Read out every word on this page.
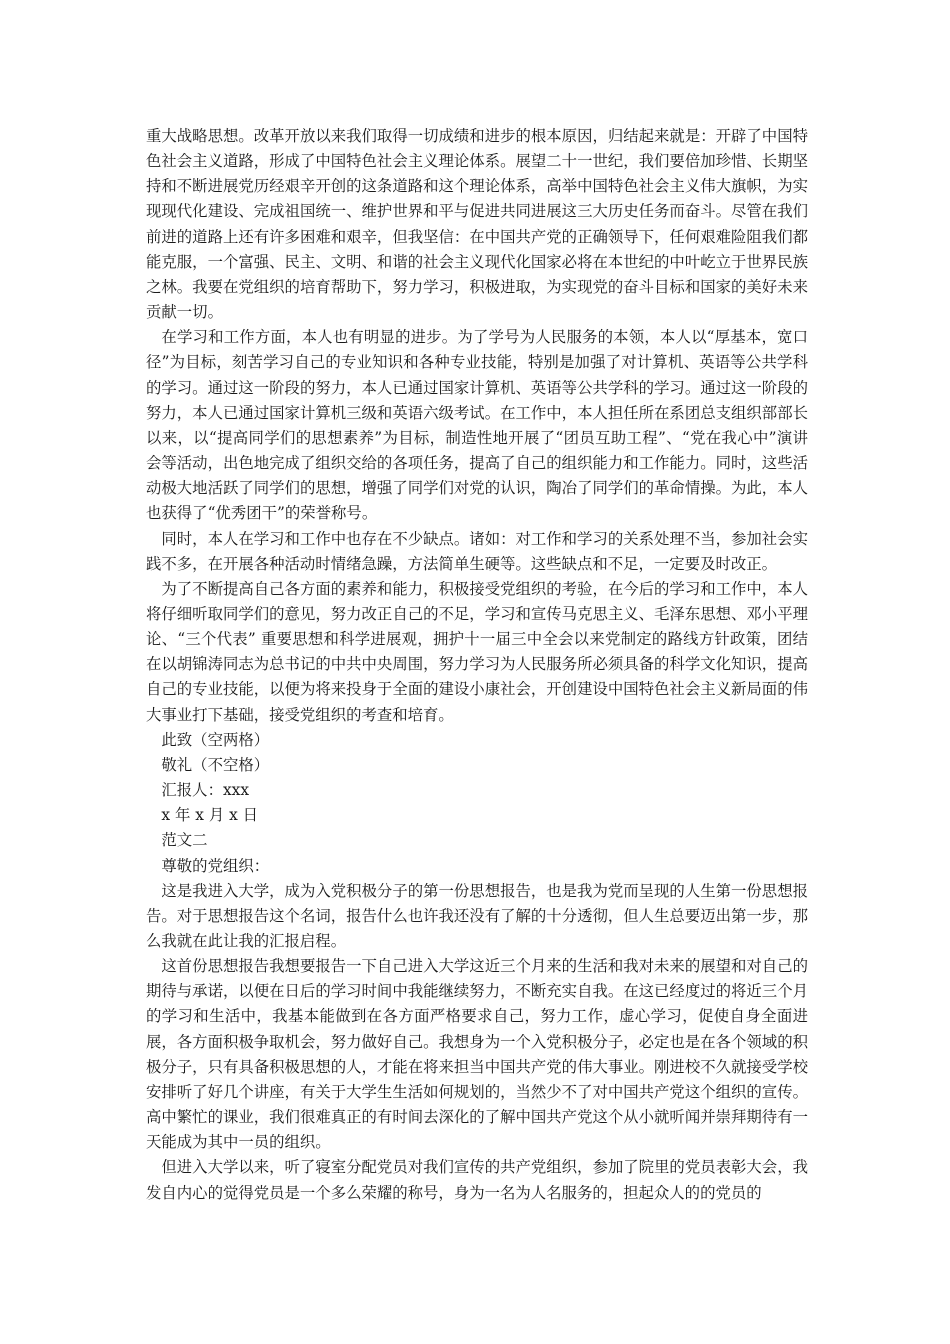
重大战略思想。改革开放以来我们取得一切成绩和进步的根本原因，归结起来就是：开辟了中国特色社会主义道路，形成了中国特色社会主义理论体系。展望二十一世纪，我们要倍加珍惜、长期坚持和不断进展党历经艰辛开创的这条道路和这个理论体系，高举中国特色社会主义伟大旗帜，为实现现代化建设、完成祖国统一、维护世界和平与促进共同进展这三大历史任务而奋斗。尽管在我们前进的道路上还有许多困难和艰辛，但我坚信：在中国共产党的正确领导下，任何艰难险阻我们都能克服，一个富强、民主、文明、和谐的社会主义现代化国家必将在本世纪的中叶屹立于世界民族之林。我要在党组织的培育帮助下，努力学习，积极进取，为实现党的奋斗目标和国家的美好未来贡献一切。

在学习和工作方面，本人也有明显的进步。为了学号为人民服务的本领，本人以“厚基本，宽口径”为目标，刻苦学习自己的专业知识和各种专业技能，特别是加强了对计算机、英语等公共学科的学习。通过这一阶段的努力，本人已通过国家计算机、英语等公共学科的学习。通过这一阶段的努力，本人已通过国家计算机三级和英语六级考试。在工作中，本人担任所在系团总支组织部部长以来，以“提高同学们的思想素养”为目标，制造性地开展了“团员互助工程”、“党在我心中”演讲会等活动，出色地完成了组织交给的各项任务，提高了自己的组织能力和工作能力。同时，这些活动极大地活跃了同学们的思想，增强了同学们对党的认识，陶冶了同学们的革命情操。为此，本人也获得了“优秀团干”的荣誉称号。

同时，本人在学习和工作中也存在不少缺点。诸如：对工作和学习的关系处理不当，参加社会实践不多，在开展各种活动时情绪急躁，方法简单生硬等。这些缺点和不足，一定要及时改正。

为了不断提高自己各方面的素养和能力，积极接受党组织的考验，在今后的学习和工作中，本人将仔细听取同学们的意见，努力改正自己的不足，学习和宣传马克思主义、毛泽东思想、邓小平理论、“三个代表” 重要思想和科学进展观，拥护十一届三中全会以来党制定的路线方针政策，团结在以胡锦涛同志为总书记的中共中央周围，努力学习为人民服务所必须具备的科学文化知识，提高自己的专业技能，以便为将来投身于全面的建设小康社会，开创建设中国特色社会主义新局面的伟大事业打下基础，接受党组织的考查和培育。

此致（空两格）

敬礼（不空格）

汇报人：xxx

x 年 x 月 x 日

范文二

尊敬的党组织：

这是我进入大学，成为入党积极分子的第一份思想报告，也是我为党而呈现的人生第一份思想报告。对于思想报告这个名词，报告什么也许我还没有了解的十分透彻，但人生总要迈出第一步，那么我就在此让我的汇报启程。

这首份思想报告我想要报告一下自己进入大学这近三个月来的生活和我对未来的展望和对自己的期待与承诺，以便在日后的学习时间中我能继续努力，不断充实自我。在这已经度过的将近三个月的学习和生活中，我基本能做到在各方面严格要求自己，努力工作，虚心学习，促使自身全面进展，各方面积极争取机会，努力做好自己。我想身为一个入党积极分子，必定也是在各个领域的积极分子，只有具备积极思想的人，才能在将来担当中国共产党的伟大事业。刚进校不久就接受学校安排听了好几个讲座，有关于大学生生活如何规划的，当然少不了对中国共产党这个组织的宣传。高中繁忙的课业，我们很难真正的有时间去深化的了解中国共产党这个从小就听闻并崇拜期待有一天能成为其中一员的组织。

但进入大学以来，听了寝室分配党员对我们宣传的共产党组织，参加了院里的党员表彰大会，我发自内心的觉得党员是一个多么荣耀的称号，身为一名为人名服务的，担起众人的的党员的
